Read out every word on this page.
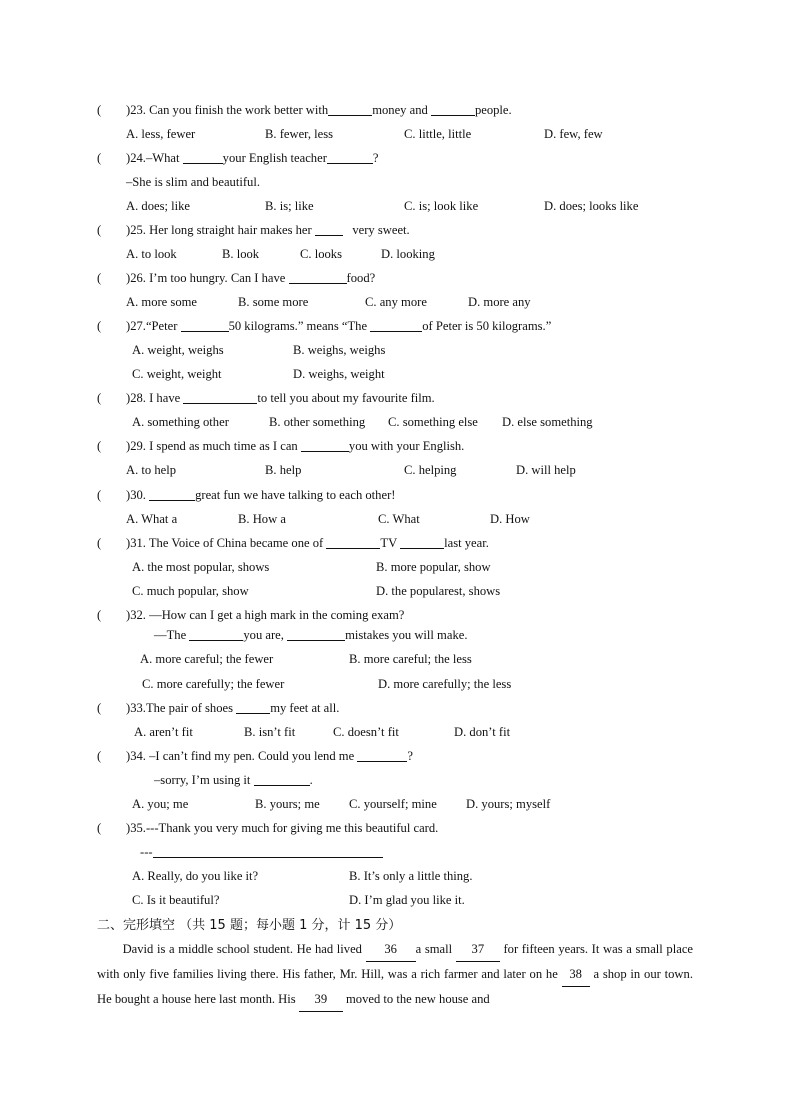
( )23. Can you finish the work better with	money and	people.
A. less, fewer	B. fewer, less	C. little, little	D. few, few
( )24.–What	your English teacher	?
–She is slim and beautiful.
A. does; like	B. is; like	C. is; look like	D. does; looks like
( )25. Her long straight hair makes her	very sweet.
A. to look	B. look	C. looks	D. looking
( )26. I’m too hungry. Can I have	food?
A. more some	B. some more	C. any more	D. more any
( )27.“Peter	50 kilograms.” means “The	of Peter is 50 kilograms.”
A. weight, weighs	B. weighs, weighs
C. weight, weight	D. weighs, weight
( )28. I have	to tell you about my favourite film.
A. something other	B. other something C. something else D. else something
( )29. I spend as much time as I can	you with your English.
A. to help	B. help	C. helping	D. will help
( )30.	great fun we have talking to each other!
A. What a	B. How a	C. What	D. How
( )31. The Voice of China became one of	TV	last year.
A. the most popular, shows	B. more popular, show
C. much popular, show	D. the popularest, shows
( )32. —How can I get a high mark in the coming exam?
—The	you are,	mistakes you will make.
A. more careful; the fewer	B. more careful; the less
C. more carefully; the fewer	D. more carefully; the less
( )33.The pair of shoes	my feet at all.
A. aren’t fit	B. isn’t fit	C. doesn’t fit	D. don’t fit
( )34. –I can’t find my pen. Could you lend me	?
–sorry, I’m using it	.
A. you; me	B. yours; me C. yourself; mine D. yours; myself
( )35.---Thank you very much for giving me this beautiful card.
---
A. Really, do you like it?	B. It’s only a little thing.
C. Is it beautiful?	D. I’m glad you like it.
二、完形填空 （共 15 题；每小题 1 分，计 15 分）
David is a middle school student. He had lived 36 a small 37 for fifteen years. It was a small place with only five families living there. His father, Mr. Hill, was a rich farmer and later on he 38 a shop in our town. He bought a house here last month. His 39 moved to the new house and
